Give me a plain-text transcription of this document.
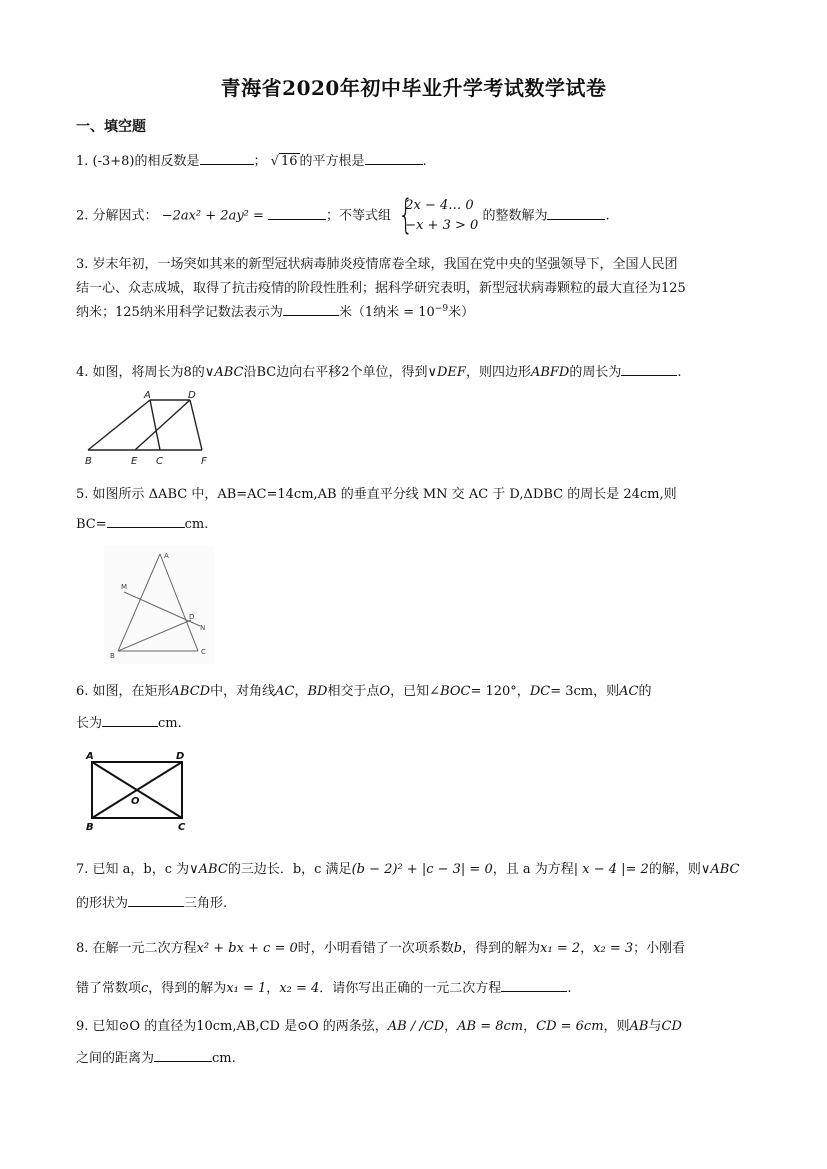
青海省2020年初中毕业升学考试数学试卷
一、填空题
1. (-3+8)的相反数是	； √ 16 的平方根是	.
2. 分解因式： −2ax² + 2ay² =	；不等式组 {
2x − 4… 0
−x + 3 > 0
的整数解为	.
3. 岁末年初，一场突如其来的新型冠状病毒肺炎疫情席卷全球，我国在党中央的坚强领导下，全国人民团
结一心、众志成城，取得了抗击疫情的阶段性胜利；据科学研究表明，新型冠状病毒颗粒的最大直径为125
纳米；125纳米用科学记数法表示为	米（1纳米 = $10^{-9}$米）
4. 如图，将周长为8的∨ABC沿BC边向右平移2个单位，得到∨DEF，则四边形ABFD的周长为	.
A	D
B	E C	F
5. 如图所示 ΔABC 中，AB=AC=14cm,AB 的垂直平分线 MN 交 AC 于 D,ΔDBC 的周长是 24cm,则
BC=	cm.
A
M
D
N
B	C
6. 如图，在矩形ABCD中，对角线AC，BD相交于点O，已知∠BOC= 120°，DC= 3cm，则AC的
长为	cm.
A	D
O
B	C
7. 已知 a，b，c 为∨ABC的三边长．b，c 满足(b − 2)² + |c − 3| = 0，且 a 为方程| x − 4 |= 2的解，则∨ABC
的形状为	三角形.
8. 在解一元二次方程x² + bx + c = 0时，小明看错了一次项系数b，得到的解为x₁ = 2，x₂ = 3；小刚看
错了常数项c，得到的解为x₁ = 1，x₂ = 4．请你写出正确的一元二次方程	.
9. 已知⊙O 的直径为10cm,AB,CD 是⊙O 的两条弦，AB / /CD，AB = 8cm，CD = 6cm，则AB与CD
之间的距离为	cm.
